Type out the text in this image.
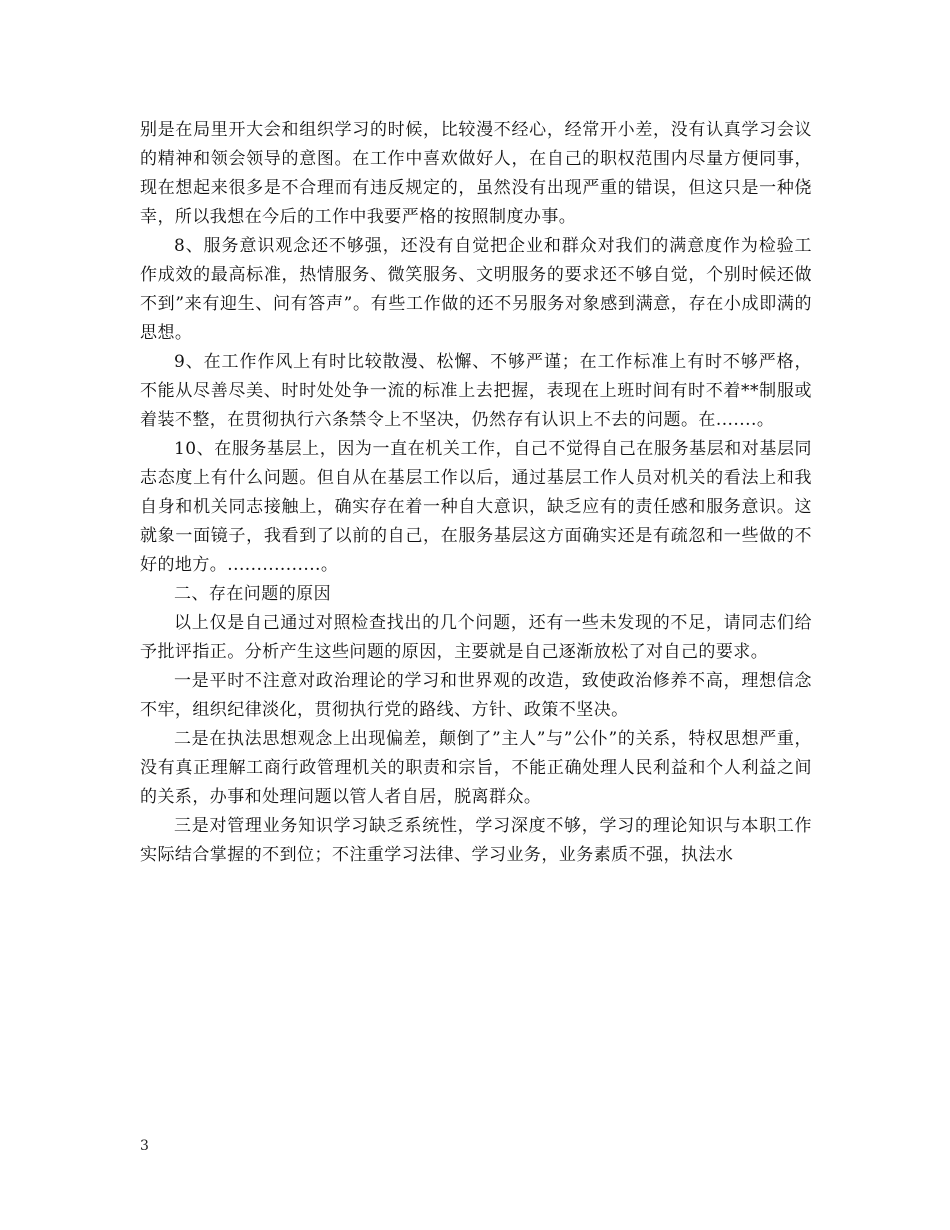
别是在局里开大会和组织学习的时候，比较漫不经心，经常开小差，没有认真学习会议的精神和领会领导的意图。在工作中喜欢做好人，在自己的职权范围内尽量方便同事，现在想起来很多是不合理而有违反规定的，虽然没有出现严重的错误，但这只是一种侥幸，所以我想在今后的工作中我要严格的按照制度办事。

8、服务意识观念还不够强，还没有自觉把企业和群众对我们的满意度作为检验工作成效的最高标准，热情服务、微笑服务、文明服务的要求还不够自觉，个别时候还做不到”来有迎生、问有答声”。有些工作做的还不另服务对象感到满意，存在小成即满的思想。

9、在工作作风上有时比较散漫、松懈、不够严谨；在工作标准上有时不够严格，不能从尽善尽美、时时处处争一流的标准上去把握，表现在上班时间有时不着**制服或着装不整，在贯彻执行六条禁令上不坚决，仍然存有认识上不去的问题。在.......。

10、在服务基层上，因为一直在机关工作，自己不觉得自己在服务基层和对基层同志态度上有什么问题。但自从在基层工作以后，通过基层工作人员对机关的看法上和我自身和机关同志接触上，确实存在着一种自大意识，缺乏应有的责任感和服务意识。这就象一面镜子，我看到了以前的自己，在服务基层这方面确实还是有疏忽和一些做的不好的地方。................。

二、存在问题的原因

以上仅是自己通过对照检查找出的几个问题，还有一些未发现的不足，请同志们给予批评指正。分析产生这些问题的原因，主要就是自己逐渐放松了对自己的要求。

一是平时不注意对政治理论的学习和世界观的改造，致使政治修养不高，理想信念不牢，组织纪律淡化，贯彻执行党的路线、方针、政策不坚决。

二是在执法思想观念上出现偏差，颠倒了”主人”与”公仆”的关系，特权思想严重，没有真正理解工商行政管理机关的职责和宗旨，不能正确处理人民利益和个人利益之间的关系，办事和处理问题以管人者自居，脱离群众。

三是对管理业务知识学习缺乏系统性，学习深度不够，学习的理论知识与本职工作实际结合掌握的不到位；不注重学习法律、学习业务，业务素质不强，执法水

3
